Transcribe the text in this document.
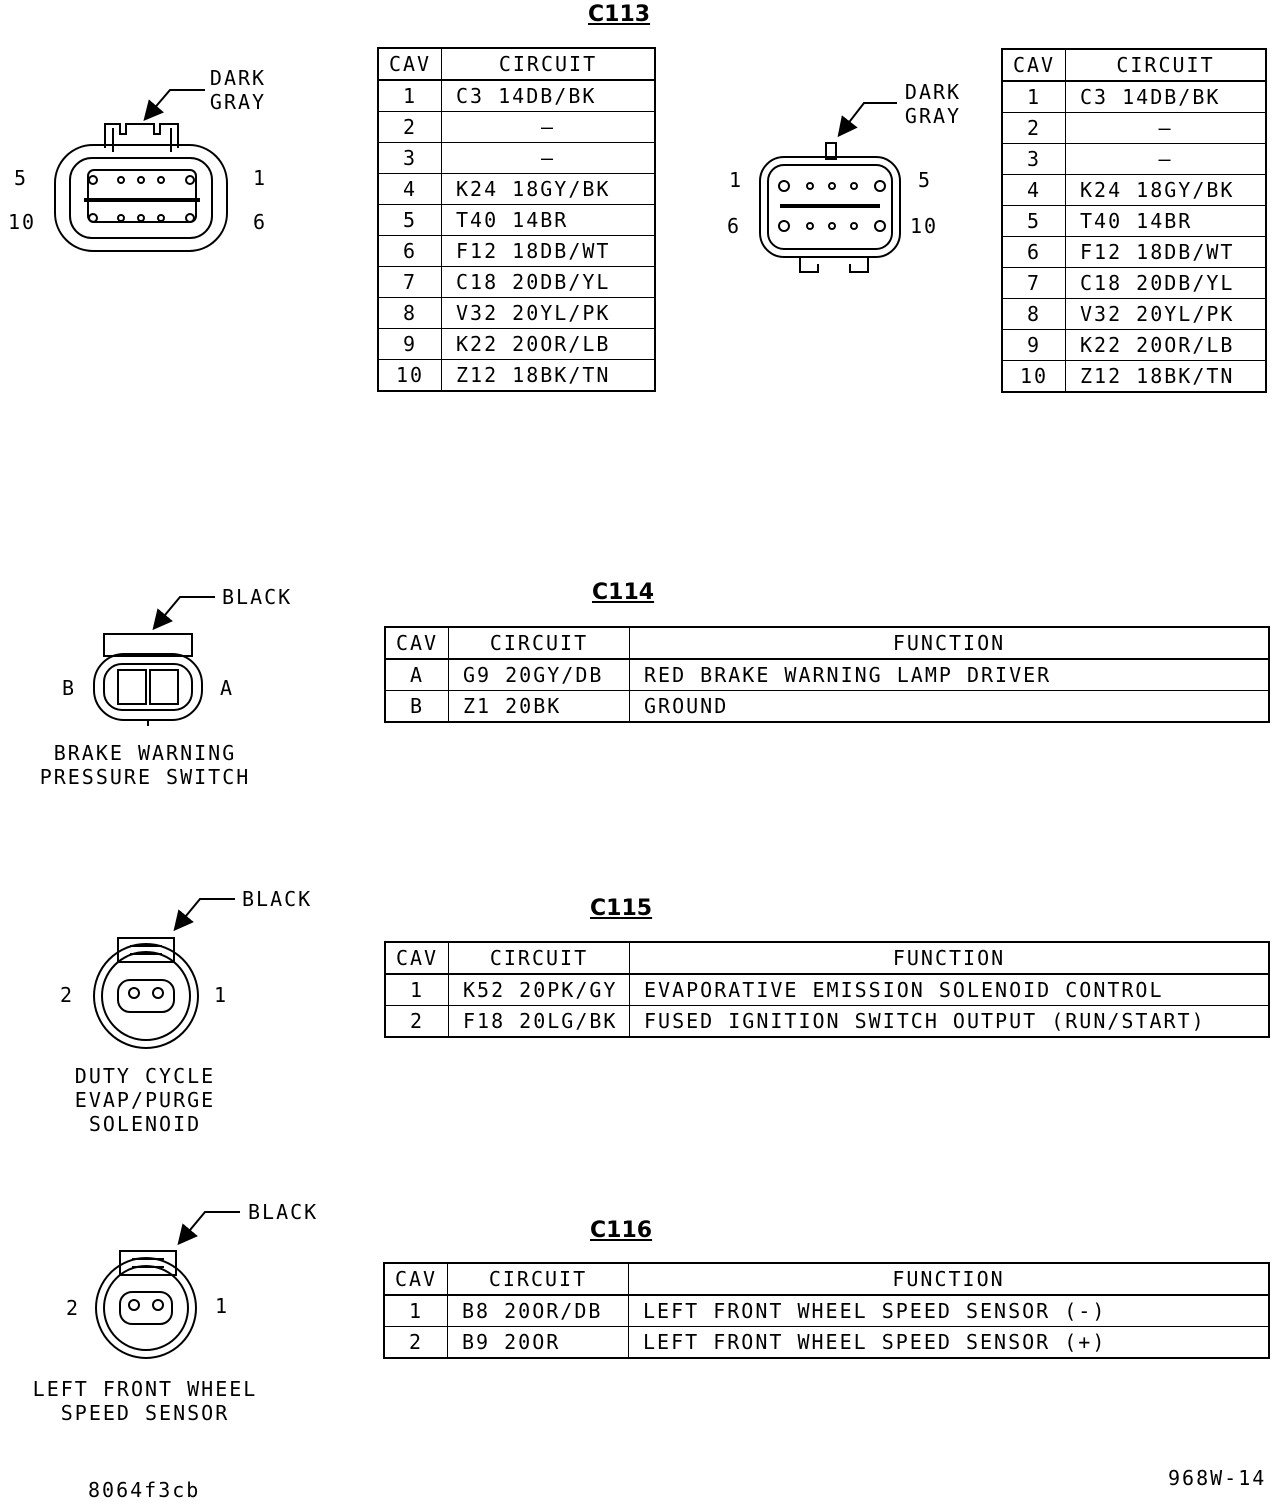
C113
DARK
GRAY
5	1
10	6
DARK
GRAY
1	5
6	10
CAV	CIRCUIT
1	C3 14DB/BK
2	–
3	–
4	K24 18GY/BK
5	T40 14BR
6	F12 18DB/WT
7	C18 20DB/YL
8	V32 20YL/PK
9	K22 20OR/LB
10	Z12 18BK/TN
CAV	CIRCUIT
1	C3 14DB/BK
2	–
3	–
4	K24 18GY/BK
5	T40 14BR
6	F12 18DB/WT
7	C18 20DB/YL
8	V32 20YL/PK
9	K22 20OR/LB
10	Z12 18BK/TN
C114
BLACK
B	A
BRAKE WARNING
PRESSURE SWITCH
CAV	CIRCUIT	FUNCTION
A	G9 20GY/DB	RED BRAKE WARNING LAMP DRIVER
B	Z1 20BK	GROUND
C115
BLACK
2	1
DUTY CYCLE
EVAP/PURGE
SOLENOID
CAV	CIRCUIT	FUNCTION
1	K52 20PK/GY	EVAPORATIVE EMISSION SOLENOID CONTROL
2	F18 20LG/BK	FUSED IGNITION SWITCH OUTPUT (RUN/START)
C116
BLACK
2	1
LEFT FRONT WHEEL
SPEED SENSOR
CAV	CIRCUIT	FUNCTION
1	B8 20OR/DB	LEFT FRONT WHEEL SPEED SENSOR (-)
2	B9 20OR	LEFT FRONT WHEEL SPEED SENSOR (+)
8064f3cb	968W-14
